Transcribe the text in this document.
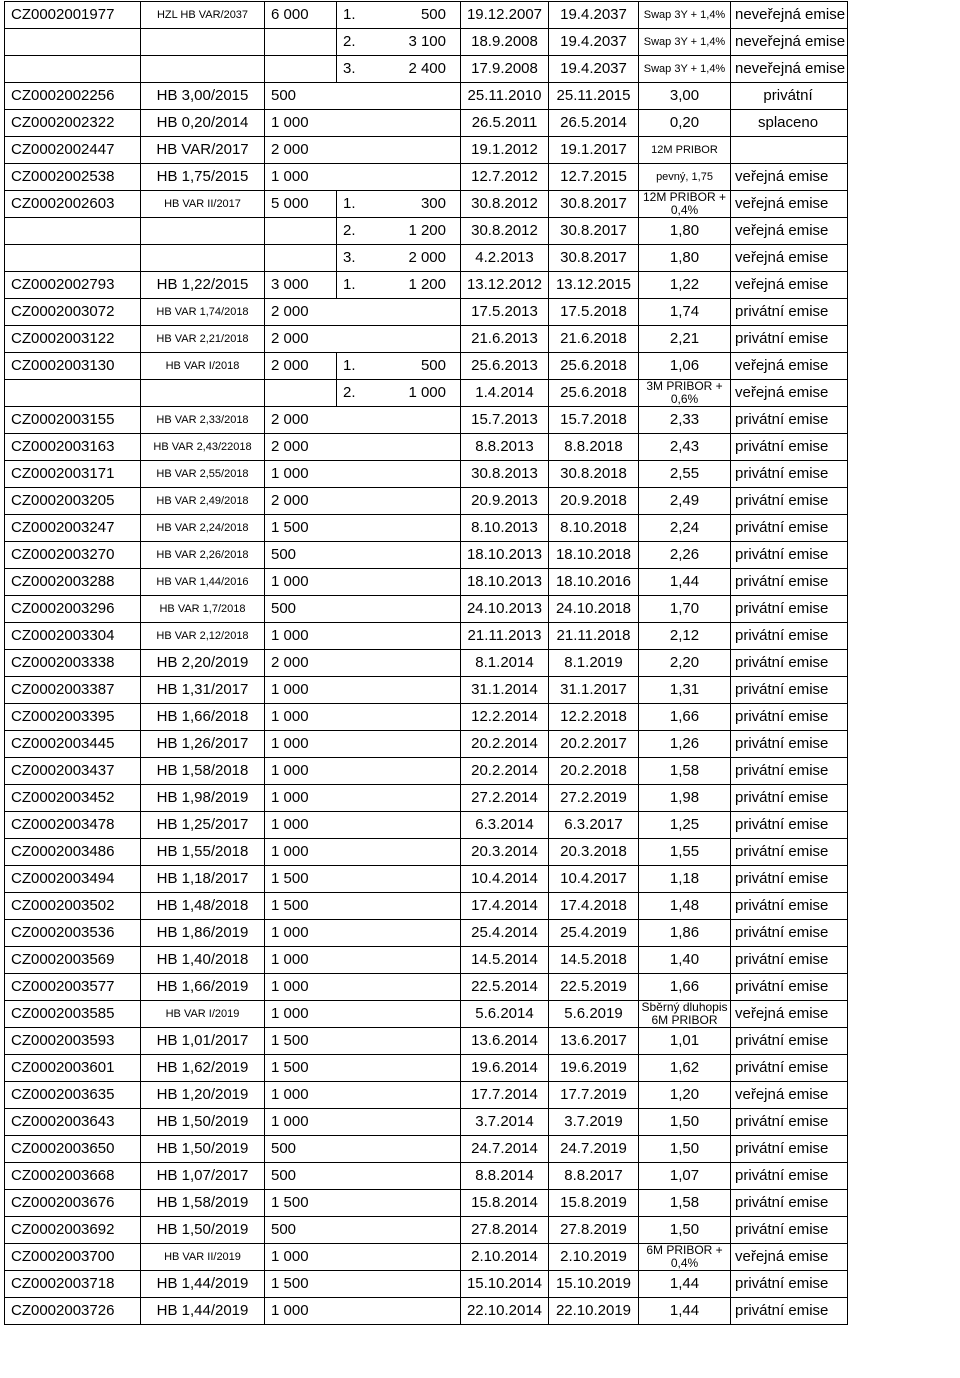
CZ0002001977	HZL HB VAR/2037	6 000	1.	500	19.12.2007	19.4.2037	Swap 3Y + 1,4%	neveřejná emise
			2.	3 100	18.9.2008	19.4.2037	Swap 3Y + 1,4%	neveřejná emise
			3.	2 400	17.9.2008	19.4.2037	Swap 3Y + 1,4%	neveřejná emise
CZ0002002256	HB 3,00/2015	500			25.11.2010	25.11.2015	3,00	privátní
CZ0002002322	HB 0,20/2014	1 000			26.5.2011	26.5.2014	0,20	splaceno
CZ0002002447	HB VAR/2017	2 000			19.1.2012	19.1.2017	12M PRIBOR	
CZ0002002538	HB 1,75/2015	1 000			12.7.2012	12.7.2015	pevný, 1,75	veřejná emise
CZ0002002603	HB VAR II/2017	5 000	1.	300	30.8.2012	30.8.2017	12M PRIBOR + 0,4%	veřejná emise
			2.	1 200	30.8.2012	30.8.2017	1,80	veřejná emise
			3.	2 000	4.2.2013	30.8.2017	1,80	veřejná emise
CZ0002002793	HB 1,22/2015	3 000	1.	1 200	13.12.2012	13.12.2015	1,22	veřejná emise
CZ0002003072	HB VAR 1,74/2018	2 000			17.5.2013	17.5.2018	1,74	privátní emise
CZ0002003122	HB VAR 2,21/2018	2 000			21.6.2013	21.6.2018	2,21	privátní emise
CZ0002003130	HB VAR I/2018	2 000	1.	500	25.6.2013	25.6.2018	1,06	veřejná emise
			2.	1 000	1.4.2014	25.6.2018	3M PRIBOR + 0,6%	veřejná emise
CZ0002003155	HB VAR 2,33/2018	2 000			15.7.2013	15.7.2018	2,33	privátní emise
CZ0002003163	HB VAR 2,43/22018	2 000			8.8.2013	8.8.2018	2,43	privátní emise
CZ0002003171	HB VAR 2,55/2018	1 000			30.8.2013	30.8.2018	2,55	privátní emise
CZ0002003205	HB VAR 2,49/2018	2 000			20.9.2013	20.9.2018	2,49	privátní emise
CZ0002003247	HB VAR 2,24/2018	1 500			8.10.2013	8.10.2018	2,24	privátní emise
CZ0002003270	HB VAR 2,26/2018	500			18.10.2013	18.10.2018	2,26	privátní emise
CZ0002003288	HB VAR 1,44/2016	1 000			18.10.2013	18.10.2016	1,44	privátní emise
CZ0002003296	HB VAR 1,7/2018	500			24.10.2013	24.10.2018	1,70	privátní emise
CZ0002003304	HB VAR 2,12/2018	1 000			21.11.2013	21.11.2018	2,12	privátní emise
CZ0002003338	HB 2,20/2019	2 000			8.1.2014	8.1.2019	2,20	privátní emise
CZ0002003387	HB 1,31/2017	1 000			31.1.2014	31.1.2017	1,31	privátní emise
CZ0002003395	HB 1,66/2018	1 000			12.2.2014	12.2.2018	1,66	privátní emise
CZ0002003445	HB 1,26/2017	1 000			20.2.2014	20.2.2017	1,26	privátní emise
CZ0002003437	HB 1,58/2018	1 000			20.2.2014	20.2.2018	1,58	privátní emise
CZ0002003452	HB 1,98/2019	1 000			27.2.2014	27.2.2019	1,98	privátní emise
CZ0002003478	HB 1,25/2017	1 000			6.3.2014	6.3.2017	1,25	privátní emise
CZ0002003486	HB 1,55/2018	1 000			20.3.2014	20.3.2018	1,55	privátní emise
CZ0002003494	HB 1,18/2017	1 500			10.4.2014	10.4.2017	1,18	privátní emise
CZ0002003502	HB 1,48/2018	1 500			17.4.2014	17.4.2018	1,48	privátní emise
CZ0002003536	HB 1,86/2019	1 000			25.4.2014	25.4.2019	1,86	privátní emise
CZ0002003569	HB 1,40/2018	1 000			14.5.2014	14.5.2018	1,40	privátní emise
CZ0002003577	HB 1,66/2019	1 000			22.5.2014	22.5.2019	1,66	privátní emise
CZ0002003585	HB VAR I/2019	1 000			5.6.2014	5.6.2019	Sběrný dluhopis 6M PRIBOR	veřejná emise
CZ0002003593	HB 1,01/2017	1 500			13.6.2014	13.6.2017	1,01	privátní emise
CZ0002003601	HB 1,62/2019	1 500			19.6.2014	19.6.2019	1,62	privátní emise
CZ0002003635	HB 1,20/2019	1 000			17.7.2014	17.7.2019	1,20	veřejná emise
CZ0002003643	HB 1,50/2019	1 000			3.7.2014	3.7.2019	1,50	privátní emise
CZ0002003650	HB 1,50/2019	500			24.7.2014	24.7.2019	1,50	privátní emise
CZ0002003668	HB 1,07/2017	500			8.8.2014	8.8.2017	1,07	privátní emise
CZ0002003676	HB 1,58/2019	1 500			15.8.2014	15.8.2019	1,58	privátní emise
CZ0002003692	HB 1,50/2019	500			27.8.2014	27.8.2019	1,50	privátní emise
CZ0002003700	HB VAR II/2019	1 000			2.10.2014	2.10.2019	6M PRIBOR + 0,4%	veřejná emise
CZ0002003718	HB 1,44/2019	1 500			15.10.2014	15.10.2019	1,44	privátní emise
CZ0002003726	HB 1,44/2019	1 000			22.10.2014	22.10.2019	1,44	privátní emise
